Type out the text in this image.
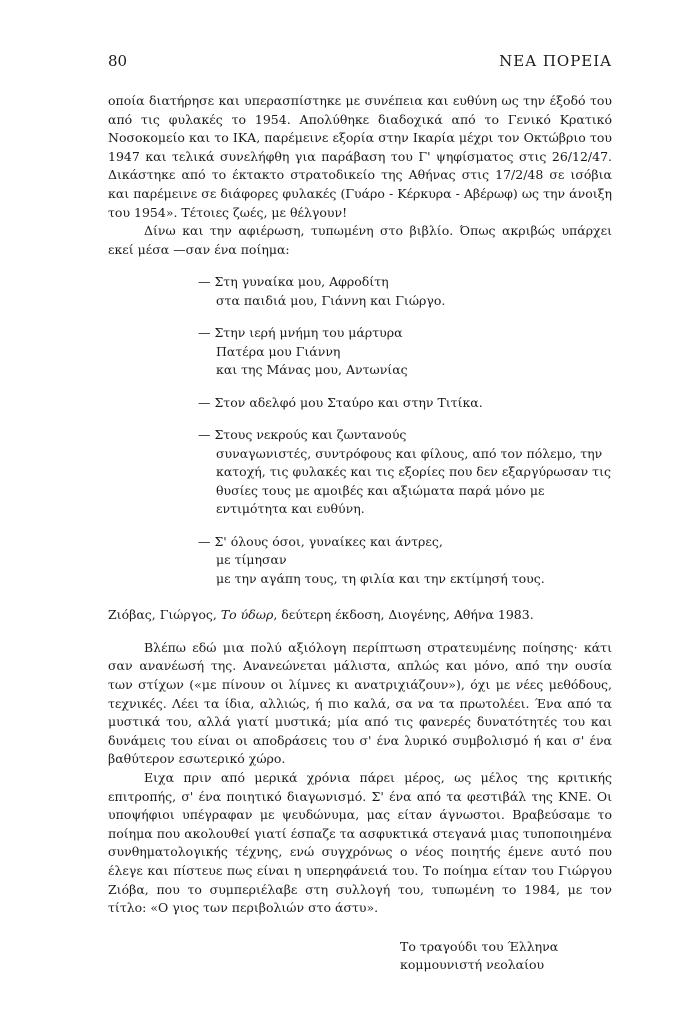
80	ΝΕΑ ΠΟΡΕΙΑ

οποία διατήρησε και υπερασπίστηκε με συνέπεια και ευθύνη ως την έξοδό του από τις φυλακές το 1954. Απολύθηκε διαδοχικά από το Γενικό Κρατικό Νοσοκομείο και το ΙΚΑ, παρέμεινε εξορία στην Ικαρία μέχρι τον Οκτώβριο του 1947 και τελικά συνελήφθη για παράβαση του Γ' ψηφίσματος στις 26/12/47. Δικάστηκε από το έκτακτο στρατοδικείο της Αθήνας στις 17/2/48 σε ισόβια και παρέμεινε σε διάφορες φυλακές (Γυάρο - Κέρκυρα - Αβέρωφ) ως την άνοιξη του 1954». Τέτοιες ζωές, με θέλγουν!

Δίνω και την αφιέρωση, τυπωμένη στο βιβλίο. Όπως ακριβώς υπάρχει εκεί μέσα —σαν ένα ποίημα:

— Στη γυναίκα μου, Αφροδίτη
στα παιδιά μου, Γιάννη και Γιώργο.
— Στην ιερή μνήμη του μάρτυρα
Πατέρα μου Γιάννη
και της Μάνας μου, Αντωνίας
— Στον αδελφό μου Σταύρο και στην Τιτίκα.
— Στους νεκρούς και ζωντανούς
συναγωνιστές, συντρόφους και φίλους, από τον πόλεμο, την κατοχή, τις φυλακές και τις εξορίες που δεν εξαργύρωσαν τις θυσίες τους με αμοιβές και αξιώματα παρά μόνο με εντιμότητα και ευθύνη.
— Σ' όλους όσοι, γυναίκες και άντρες,
με τίμησαν
με την αγάπη τους, τη φιλία και την εκτίμησή τους.

Ζιόβας, Γιώργος, Το ύδωρ, δεύτερη έκδοση, Διογένης, Αθήνα 1983.

Βλέπω εδώ μια πολύ αξιόλογη περίπτωση στρατευμένης ποίησης· κάτι σαν ανανέωσή της. Ανανεώνεται μάλιστα, απλώς και μόνο, από την ουσία των στίχων («με πίνουν οι λίμνες κι ανατριχιάζουν»), όχι με νέες μεθόδους, τεχνικές. Λέει τα ίδια, αλλιώς, ή πιο καλά, σα να τα πρωτολέει. Ένα από τα μυστικά του, αλλά γιατί μυστικά; μία από τις φανερές δυνατότητές του και δυνάμεις του είναι οι αποδράσεις του σ' ένα λυρικό συμβολισμό ή και σ' ένα βαθύτερον εσωτερικό χώρο.

Ειχα πριν από μερικά χρόνια πάρει μέρος, ως μέλος της κριτικής επιτροπής, σ' ένα ποιητικό διαγωνισμό. Σ' ένα από τα φεστιβάλ της ΚΝΕ. Οι υποψήφιοι υπέγραφαν με ψευδώνυμα, μας είταν άγνωστοι. Βραβεύσαμε το ποίημα που ακολουθεί γιατί έσπαζε τα ασφυκτικά στεγανά μιας τυποποιημένα συνθηματολογικής τέχνης, ενώ συγχρόνως ο νέος ποιητής έμενε αυτό που έλεγε και πίστευε πως είναι η υπερηφάνειά του. Το ποίημα είταν του Γιώργου Ζιόβα, που το συμπεριέλαβε στη συλλογή του, τυπωμένη το 1984, με τον τίτλο: «Ο γιος των περιβολιών στο άστυ».

Το τραγούδι του Έλληνα
κομμουνιστή νεολαίου
